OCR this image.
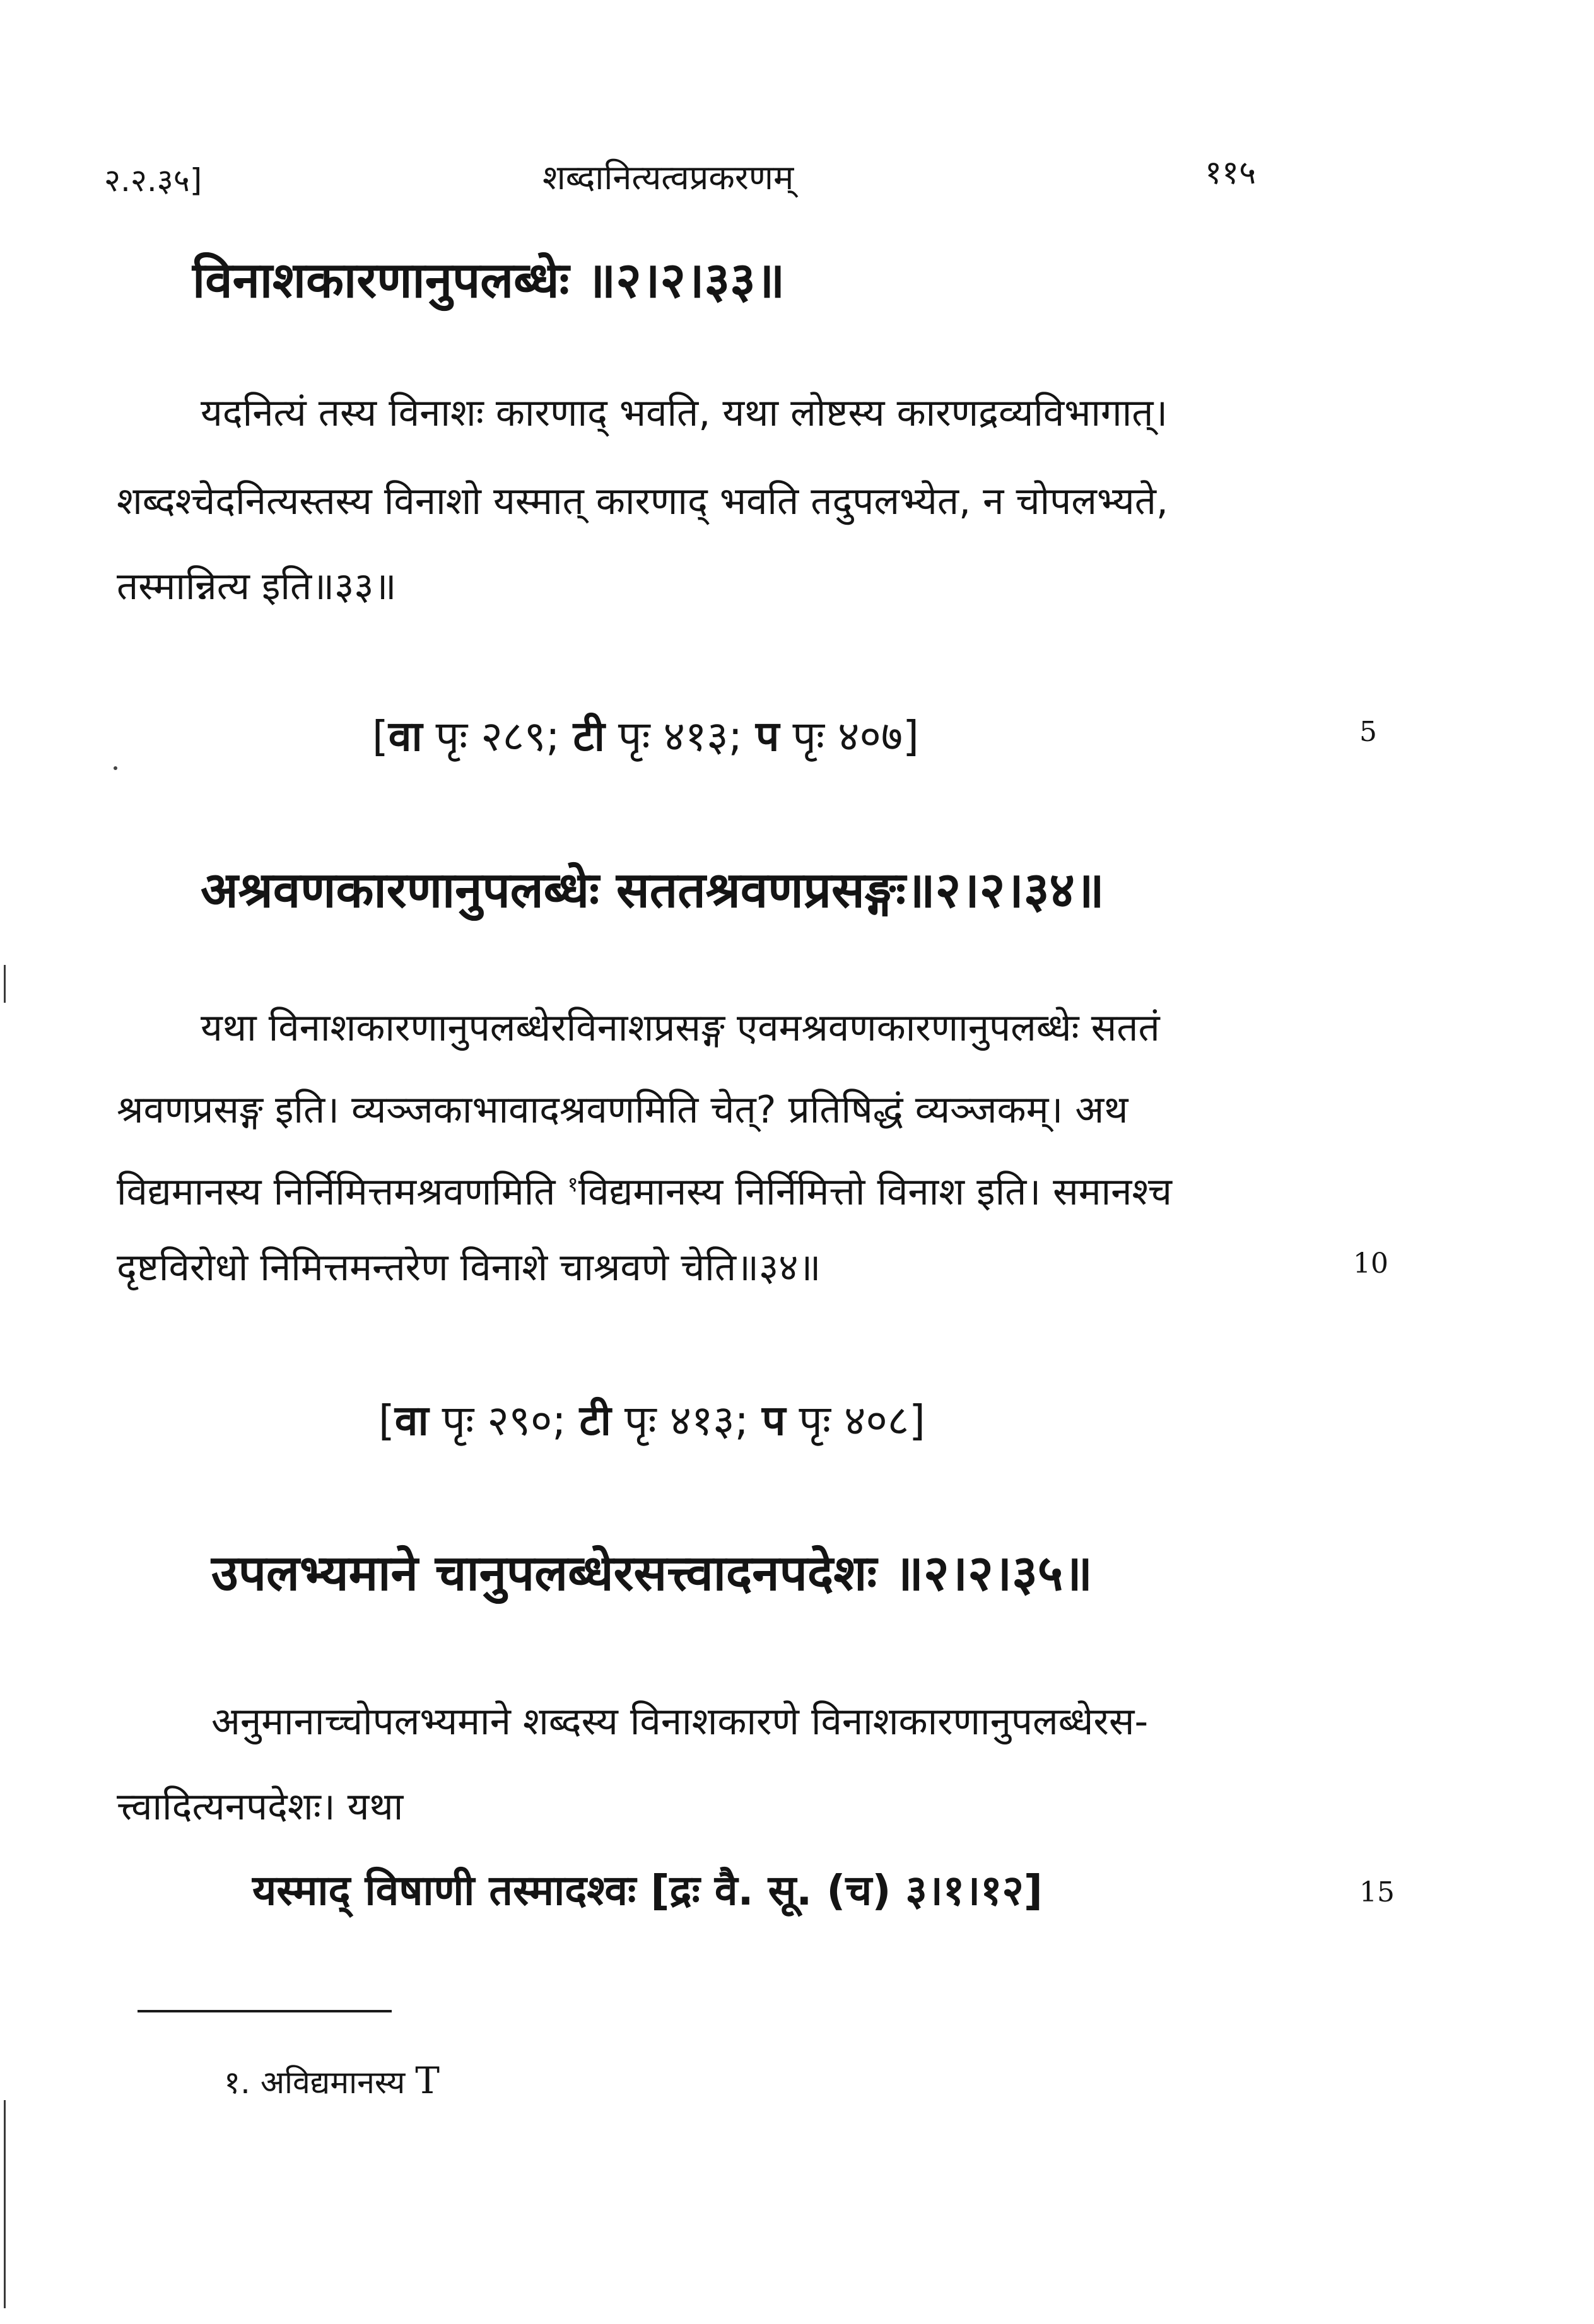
२.२.३५]	शब्दानित्यत्वप्रकरणम्	११५
विनाशकारणानुपलब्धेः ॥२।२।३३॥
यदनित्यं तस्य विनाशः कारणाद् भवति, यथा लोष्टस्य कारणद्रव्यविभागात्।
शब्दश्चेदनित्यस्तस्य विनाशो यस्मात् कारणाद् भवति तदुपलभ्येत, न चोपलभ्यते,
तस्मान्नित्य इति॥३३॥
[वा पृः २८९; टी पृः ४१३; प पृः ४०७]	5
अश्रवणकारणानुपलब्धेः सततश्रवणप्रसङ्गः॥२।२।३४॥
यथा विनाशकारणानुपलब्धेरविनाशप्रसङ्ग एवमश्रवणकारणानुपलब्धेः सततं
श्रवणप्रसङ्ग इति। व्यञ्जकाभावादश्रवणमिति चेत्? प्रतिषिद्धं व्यञ्जकम्। अथ
विद्यमानस्य निर्निमित्तमश्रवणमिति $^१$विद्यमानस्य निर्निमित्तो विनाश इति। समानश्च
दृष्टविरोधो निमित्तमन्तरेण विनाशे चाश्रवणे चेति॥३४॥	10
[वा पृः २९०; टी पृः ४१३; प पृः ४०८]
उपलभ्यमाने चानुपलब्धेरसत्त्वादनपदेशः ॥२।२।३५॥
अनुमानाच्चोपलभ्यमाने शब्दस्य विनाशकारणे विनाशकारणानुपलब्धेरस-
त्त्वादित्यनपदेशः। यथा
यस्माद् विषाणी तस्मादश्वः [द्रः वै. सू. (च) ३।१।१२]	15
१. अविद्यमानस्य T
